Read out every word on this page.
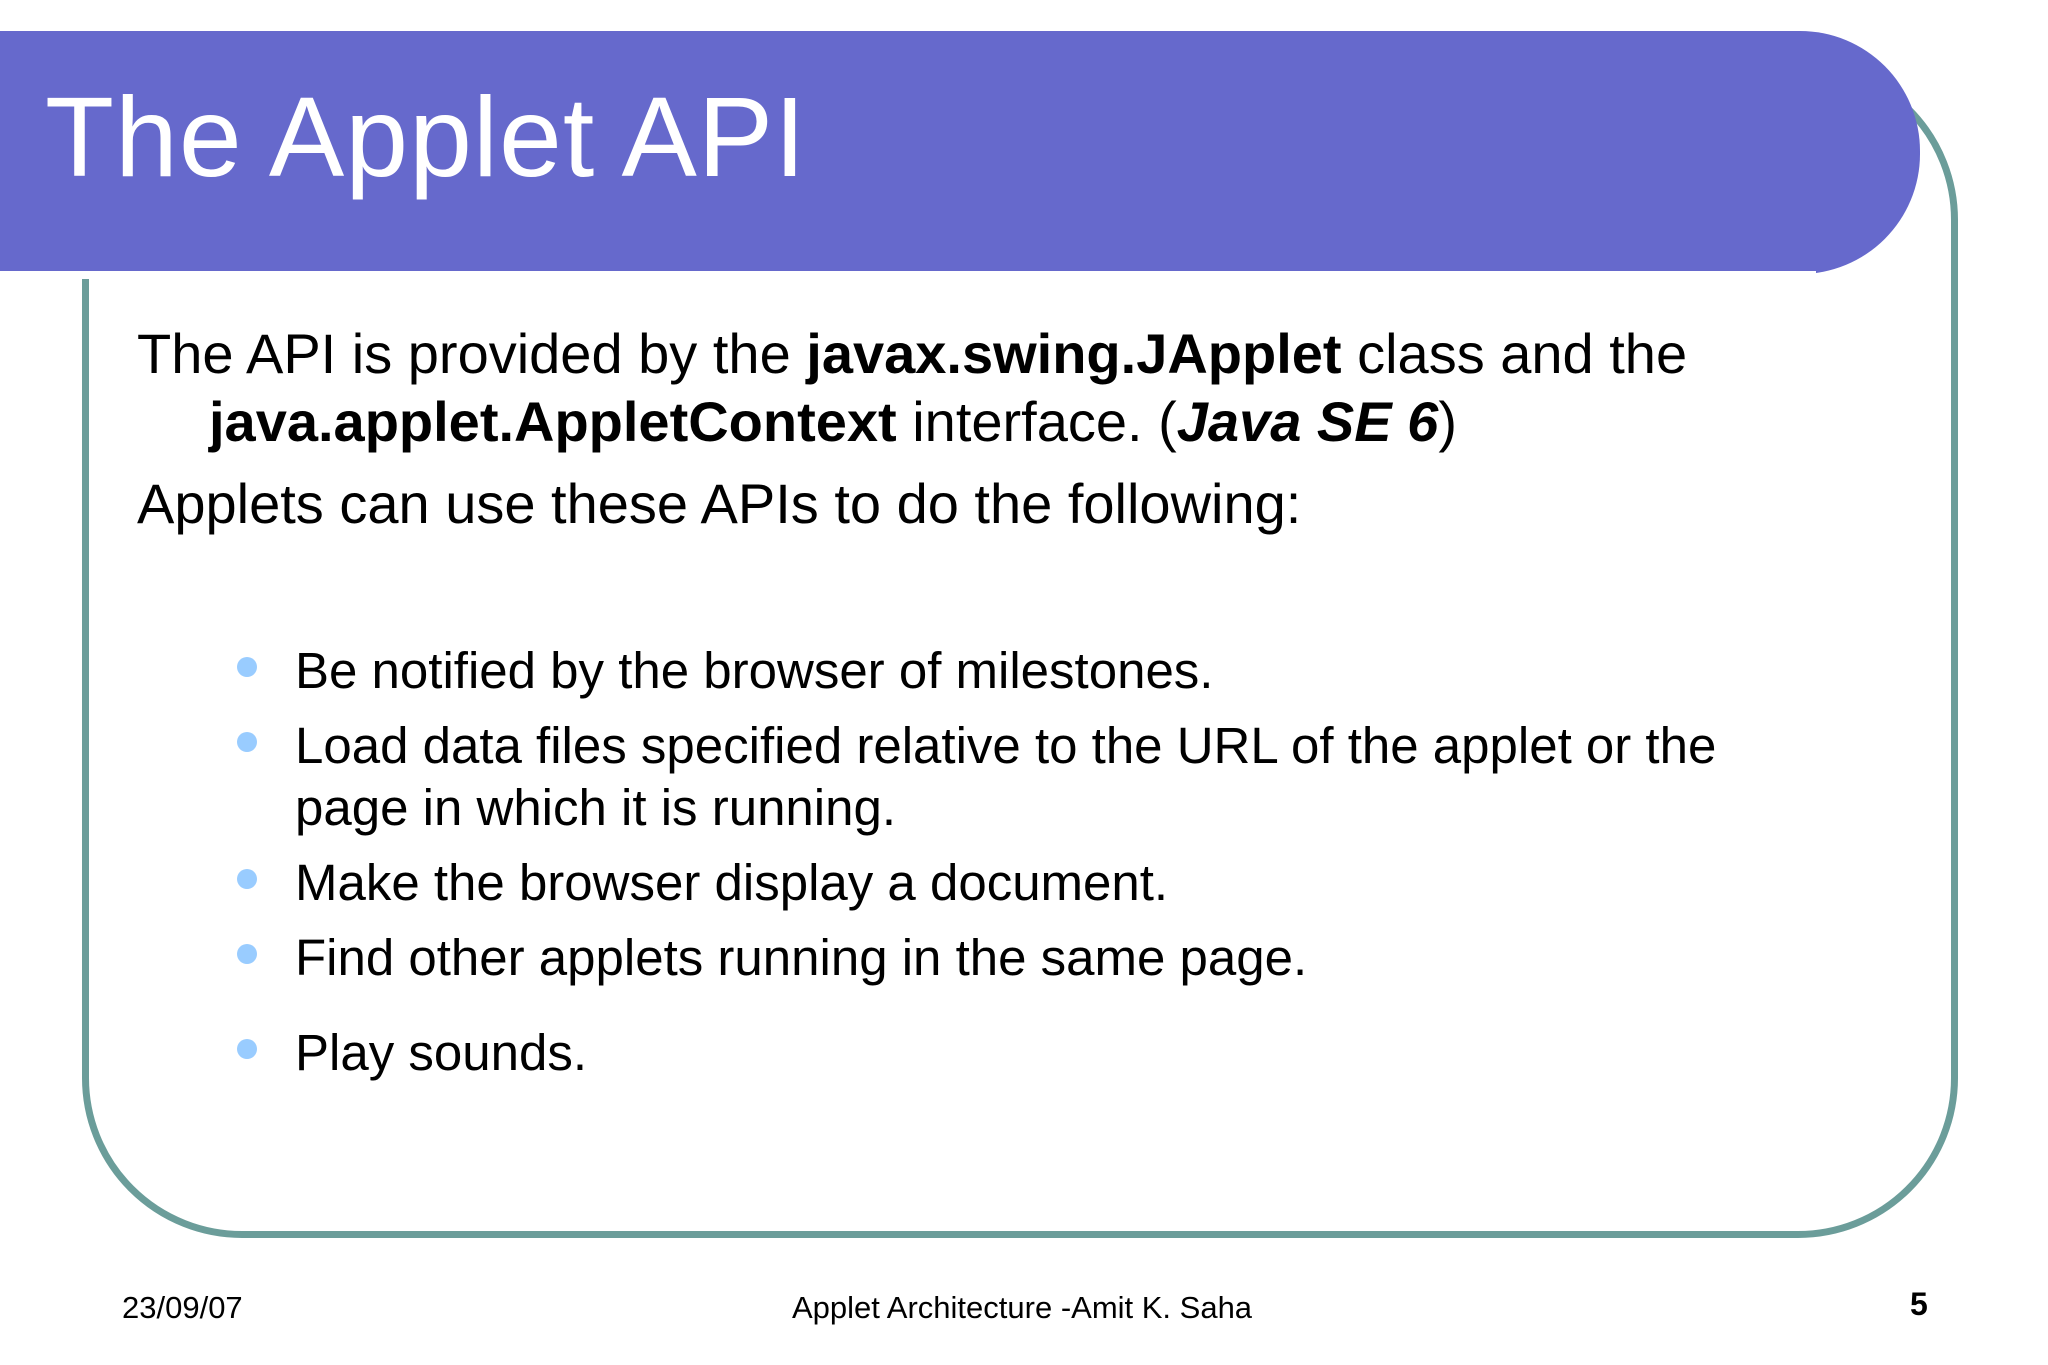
The Applet API

The API is provided by the javax.swing.JApplet class and the java.applet.AppletContext interface. (Java SE 6)

Applets can use these APIs to do the following:

Be notified by the browser of milestones.
Load data files specified relative to the URL of the applet or the page in which it is running.
Make the browser display a document.
Find other applets running in the same page.
Play sounds.
23/09/07	Applet Architecture -Amit K. Saha	5
